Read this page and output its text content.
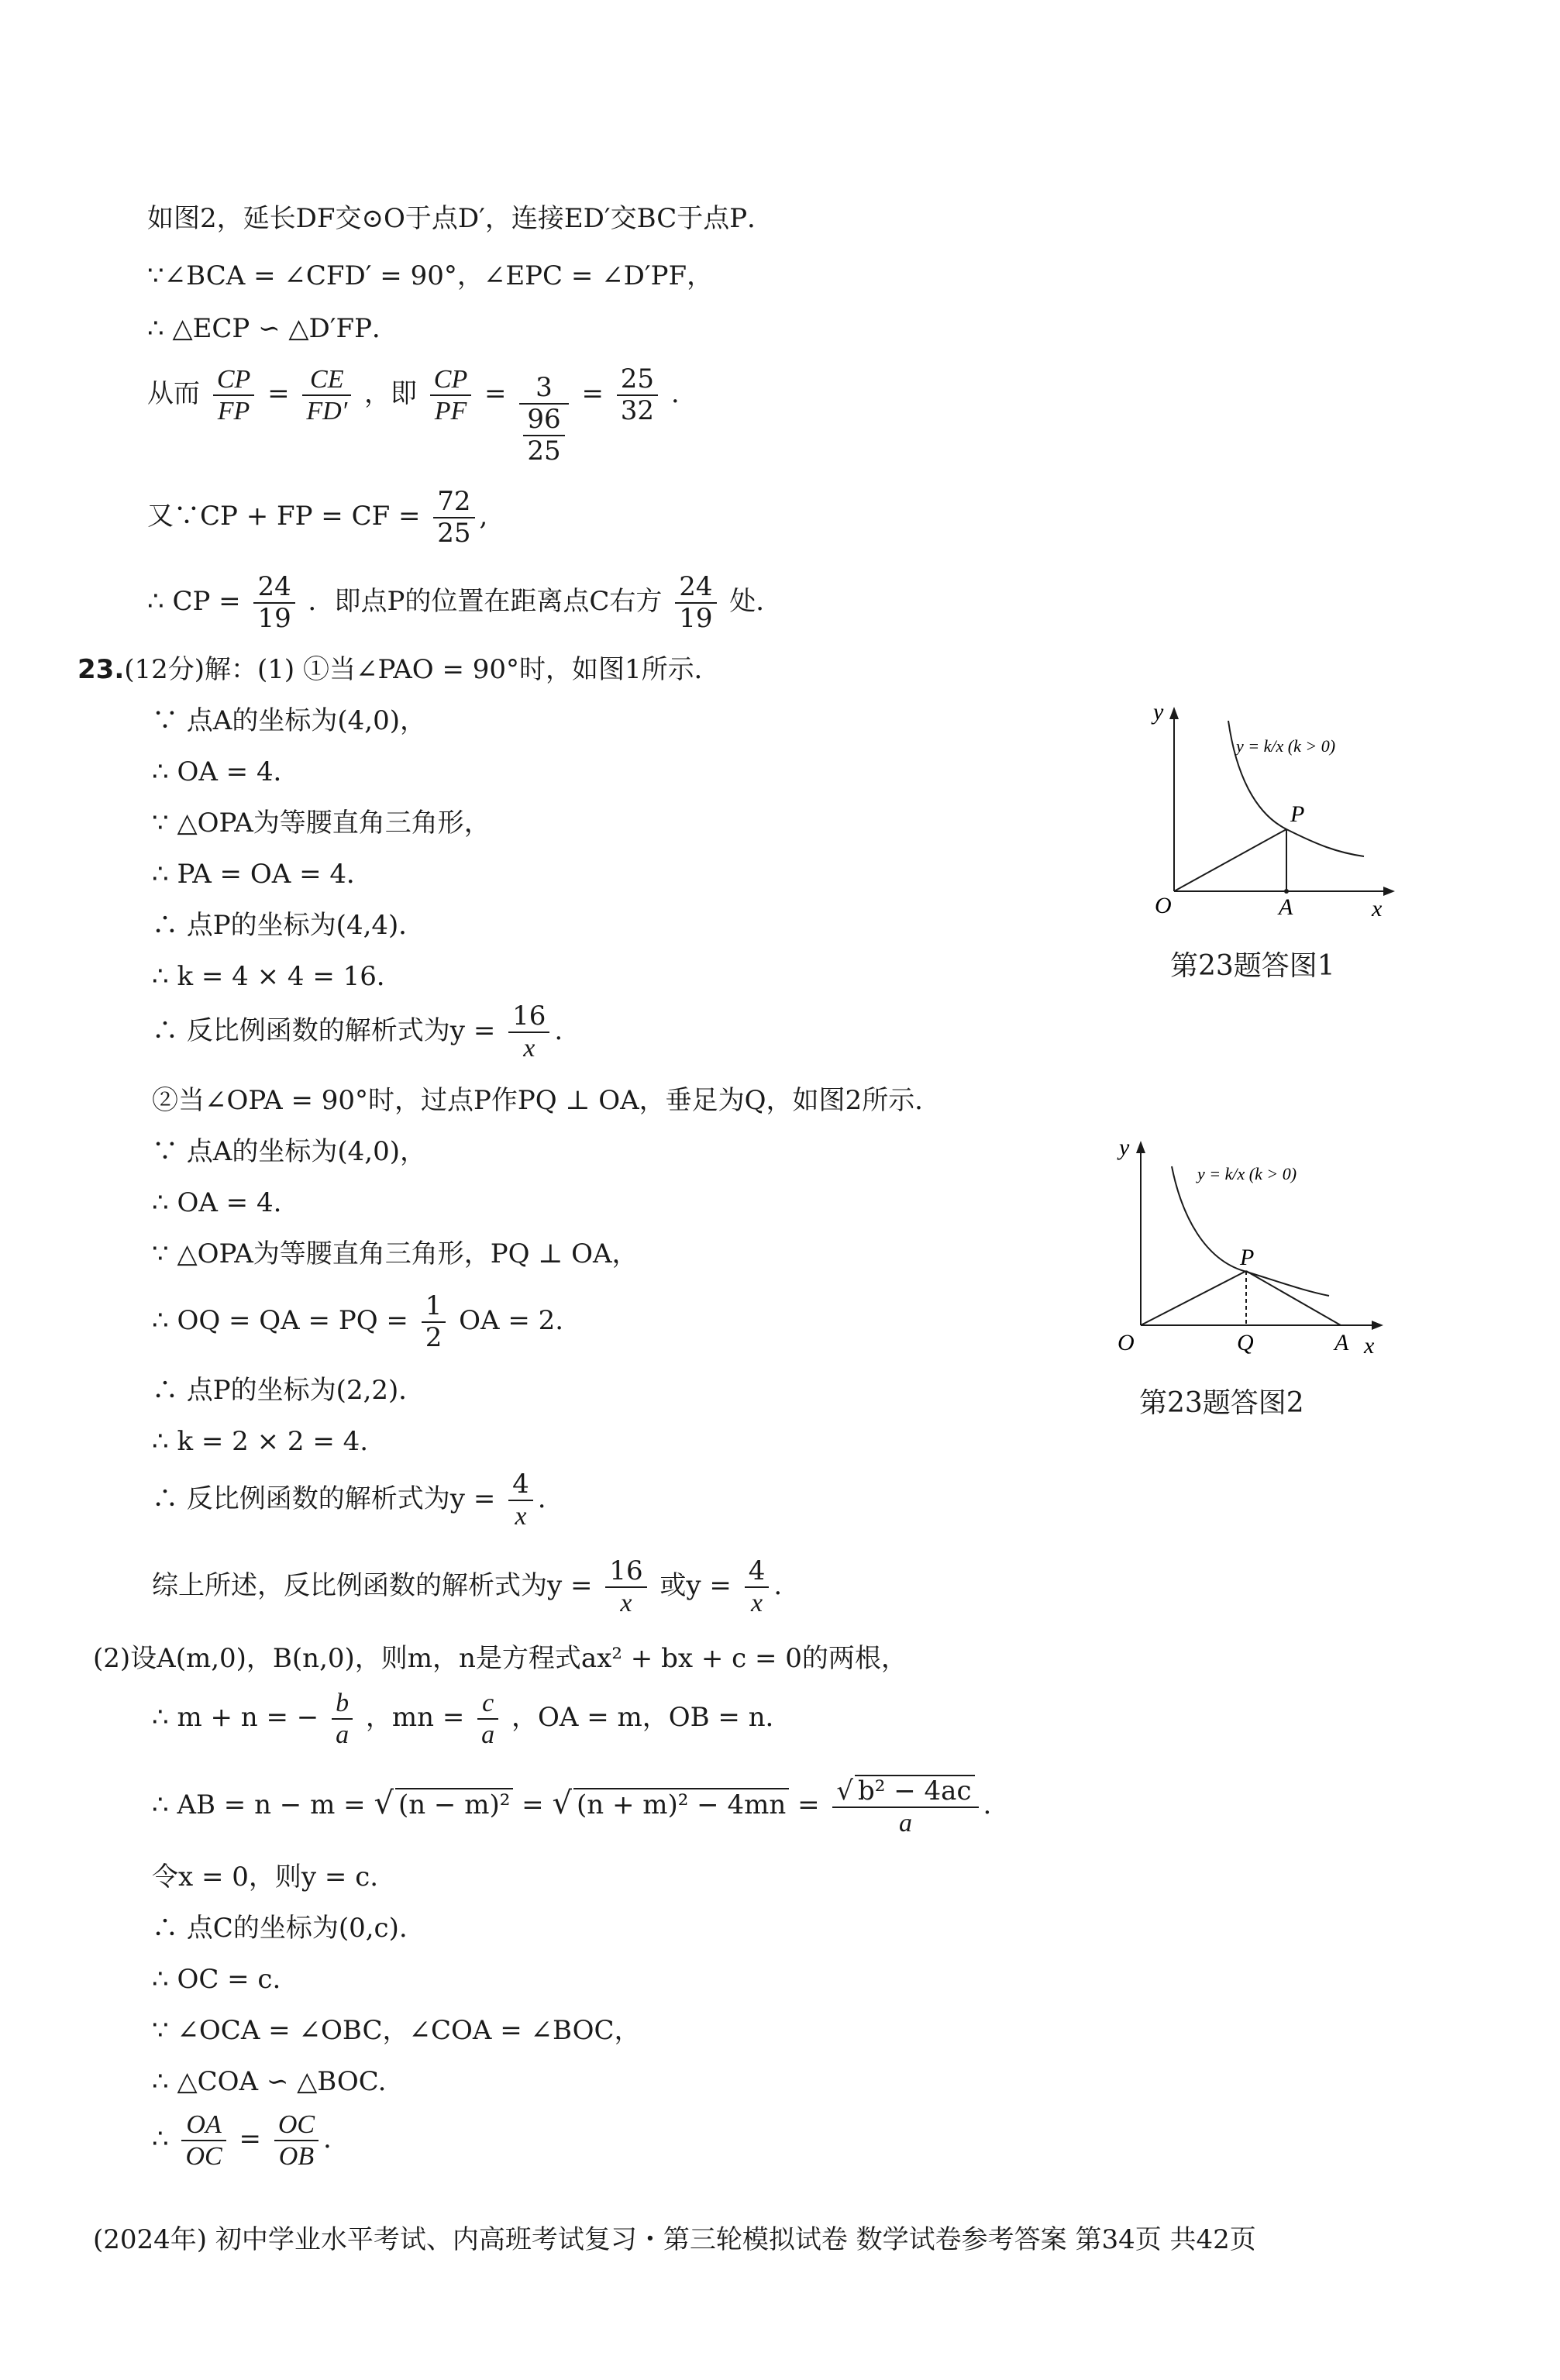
如图2，延长DF交⊙O于点D′，连接ED′交BC于点P．
∵∠BCA = ∠CFD′ = 90°，∠EPC = ∠D′PF，
∴ △ECP ∽ △D′FP．
从而 $\frac{CP}{FP} = \frac{CE}{FD'}$ ，即 $\frac{CP}{PF} = \frac{3}{\frac{96}{25}} = \frac{25}{32}$ .
又∵CP + FP = CF = $\frac{72}{25}$ ,
∴ CP = $\frac{24}{19}$ ．即点P的位置在距离点C右方 $\frac{24}{19}$ 处．
23.(12分)解：(1) ①当∠PAO = 90°时，如图1所示．
∵ 点A的坐标为(4,0)，
∴ OA = 4．
∵ △OPA为等腰直角三角形，
∴ PA = OA = 4．
∴ 点P的坐标为(4,4)．
∴ k = 4 × 4 = 16．
∴ 反比例函数的解析式为$y = \frac{16}{x}$ .
②当∠OPA = 90°时，过点P作PQ ⊥ OA，垂足为Q，如图2所示．
∵ 点A的坐标为(4,0)，
∴ OA = 4.
∵ △OPA为等腰直角三角形，PQ ⊥ OA，
∴ OQ = QA = PQ = $\frac{1}{2}$ OA = 2.
∴ 点P的坐标为(2,2)．
∴ k = 2 × 2 = 4.
∴ 反比例函数的解析式为$y = \frac{4}{x}$ .
综上所述，反比例函数的解析式为$y = \frac{16}{x}$ 或$y = \frac{4}{x}$ .
(2)设A(m,0)，B(n,0)，则m，n是方程式ax² + bx + c = 0的两根，
∴ m + n = − $\frac{b}{a}$ ，mn = $\frac{c}{a}$ ，OA = m，OB = n．
∴ AB = n − m = √ (n − m)² = √ $(n + m)^2 - 4mn = \frac{\text{√ b² − 4ac}}{a}$ .
令x = 0，则y = c.
∴ 点C的坐标为(0,c).
∴ OC = c.
∵ ∠OCA = ∠OBC，∠COA = ∠BOC，
∴ △COA ∽ △BOC.
∴ $\frac{OA}{OC} = \frac{OC}{OB}$ .
O	A
P
x
y
y = k/x (k > 0)
第23题答图1
O	Q	A
P
x
y
y = k/x (k > 0)
第23题答图2
(2024年) 初中学业水平考试、内高班考试复习・第三轮模拟试卷 数学试卷参考答案 第34页 共42页
